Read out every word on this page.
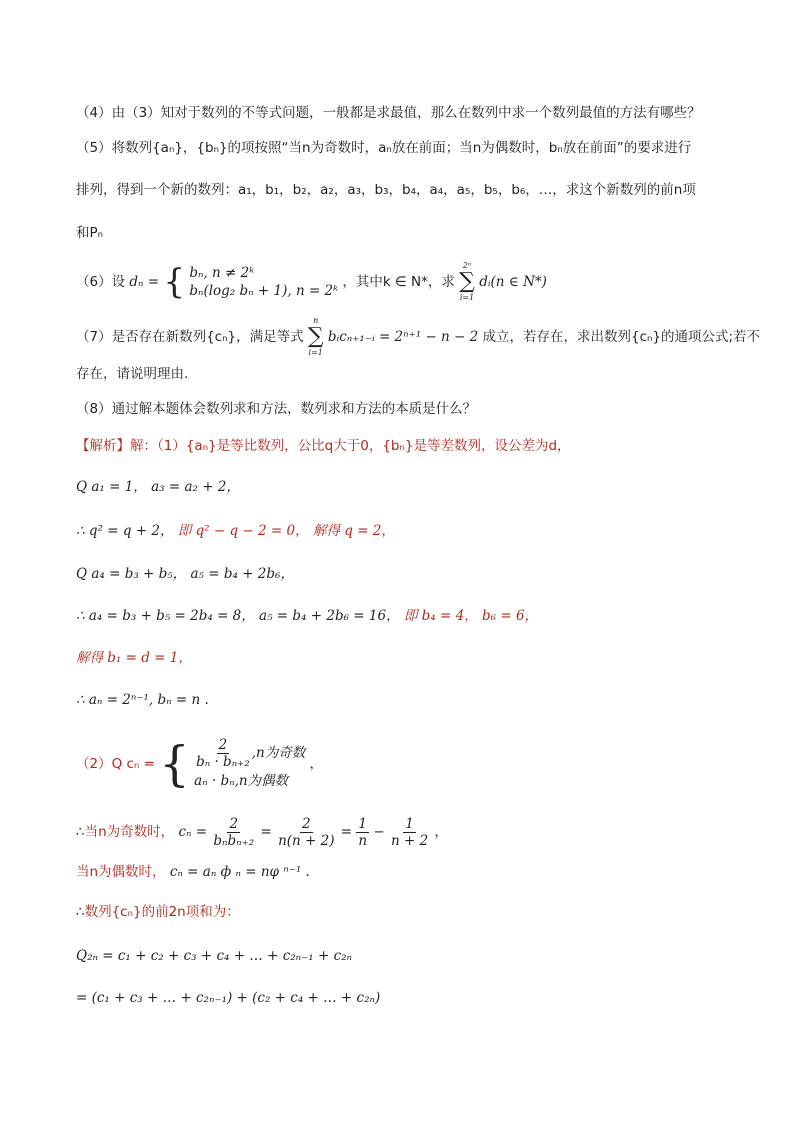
（4）由（3）知对于数列的不等式问题，一般都是求最值，那么在数列中求一个数列最值的方法有哪些？
（5）将数列{aₙ}，{bₙ}的项按照“当n为奇数时，aₙ放在前面；当n为偶数时，bₙ放在前面”的要求进行
排列，得到一个新的数列：a₁，b₁，b₂，a₂，a₃，b₃，b₄，a₄，a₅，b₅，b₆，…，求这个新数列的前n项
和Pₙ
（6）设 dₙ = { bₙ, n ≠ 2ᵏ
bₙ(log₂ bₙ + 1), n = 2ᵏ
，其中k ∈ N*，求
2ⁿ
∑
i=1
dᵢ(n ∈ N*)
（7）是否存在新数列{cₙ}，满足等式
n
∑
i=1
bᵢcₙ₊₁₋ᵢ = 2ⁿ⁺¹ − n − 2 成立，若存在，求出数列{cₙ}的通项公式;若不
存在，请说明理由.
（8）通过解本题体会数列求和方法，数列求和方法的本质是什么？
【解析】解：（1）{aₙ}是等比数列，公比q大于0，{bₙ}是等差数列，设公差为d，
Q a₁ = 1， a₃ = a₂ + 2，
∴ q² = q + 2， 即 q² − q − 2 = 0， 解得 q = 2，
Q a₄ = b₃ + b₅， a₅ = b₄ + 2b₆，
∴ a₄ = b₃ + b₅ = 2b₄ = 8， a₅ = b₄ + 2b₆ = 16， 即 b₄ = 4， b₆ = 6，
解得 b₁ = d = 1，
∴ aₙ = 2ⁿ⁻¹, bₙ = n .
（2）Q cₙ = { $\frac{2}{\text{bₙ · bₙ₊₂}} ,n$为奇数
aₙ · bₙ,n为偶数
，
∴当n为奇数时， $c_n = \frac{2}{\text{bₙbₙ₊₂}} = \frac{2}{n(n + 2)} = \frac{1}{n} - \frac{1}{n + 2}$ ，
当n为偶数时， cₙ = aₙ ф ₙ = nφ ⁿ⁻¹ .
∴数列{cₙ}的前2n项和为：
Q₂ₙ = c₁ + c₂ + c₃ + c₄ + … + c₂ₙ₋₁ + c₂ₙ
= (c₁ + c₃ + … + c₂ₙ₋₁) + (c₂ + c₄ + … + c₂ₙ)
